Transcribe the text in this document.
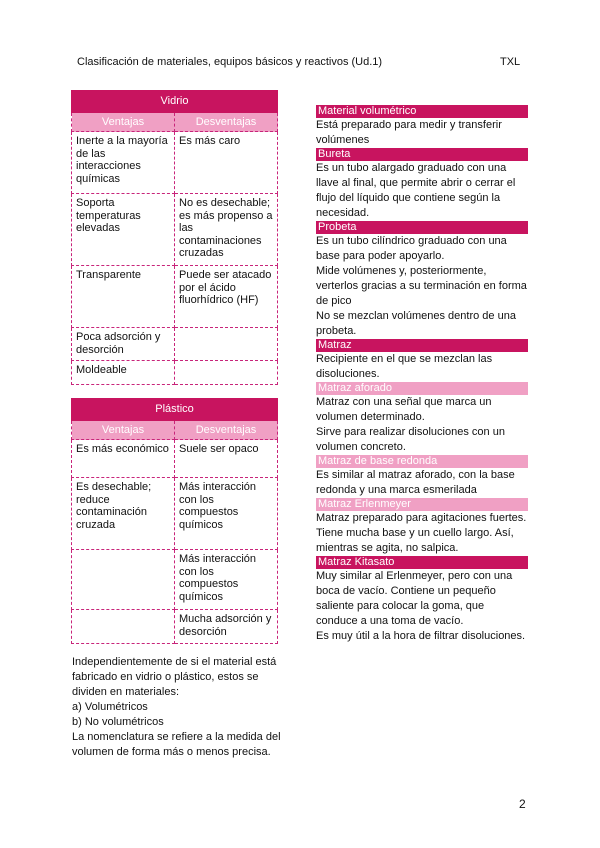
Clasificación de materiales, equipos básicos y reactivos (Ud.1)	TXL
Vidrio	
Ventajas	Desventajas
Inerte a la mayoría de las interacciones químicas	Es más caro
Soporta temperaturas elevadas	No es desechable; es más propenso a las contaminaciones cruzadas
Transparente	Puede ser atacado por el ácido fluorhídrico (HF)
Poca adsorción y desorción	
Moldeable	
Plástico	
Ventajas	Desventajas
Es más económico	Suele ser opaco
Es desechable; reduce contaminación cruzada	Más interacción con los compuestos químicos
	Más interacción con los compuestos químicos
	Mucha adsorción y desorción

Independientemente de si el material está fabricado en vidrio o plástico, estos se dividen en materiales:

a) Volumétricos

b) No volumétricos

La nomenclatura se refiere a la medida del volumen de forma más o menos precisa.

Material volumétrico

Está preparado para medir y transferir volúmenes

Bureta

Es un tubo alargado graduado con una llave al final, que permite abrir o cerrar el flujo del líquido que contiene según la necesidad.

Probeta

Es un tubo cilíndrico graduado con una base para poder apoyarlo.

Mide volúmenes y, posteriormente, verterlos gracias a su terminación en forma de pico

No se mezclan volúmenes dentro de una probeta.

Matraz

Recipiente en el que se mezclan las disoluciones.

Matraz aforado

Matraz con una señal que marca un volumen determinado.

Sirve para realizar disoluciones con un volumen concreto.

Matraz de base redonda

Es similar al matraz aforado, con la base redonda y una marca esmerilada

Matraz Erlenmeyer

Matraz preparado para agitaciones fuertes.

Tiene mucha base y un cuello largo. Así, mientras se agita, no salpica.

Matraz Kitasato

Muy similar al Erlenmeyer, pero con una boca de vacío. Contiene un pequeño saliente para colocar la goma, que conduce a una toma de vacío.

Es muy útil a la hora de filtrar disoluciones.

2
